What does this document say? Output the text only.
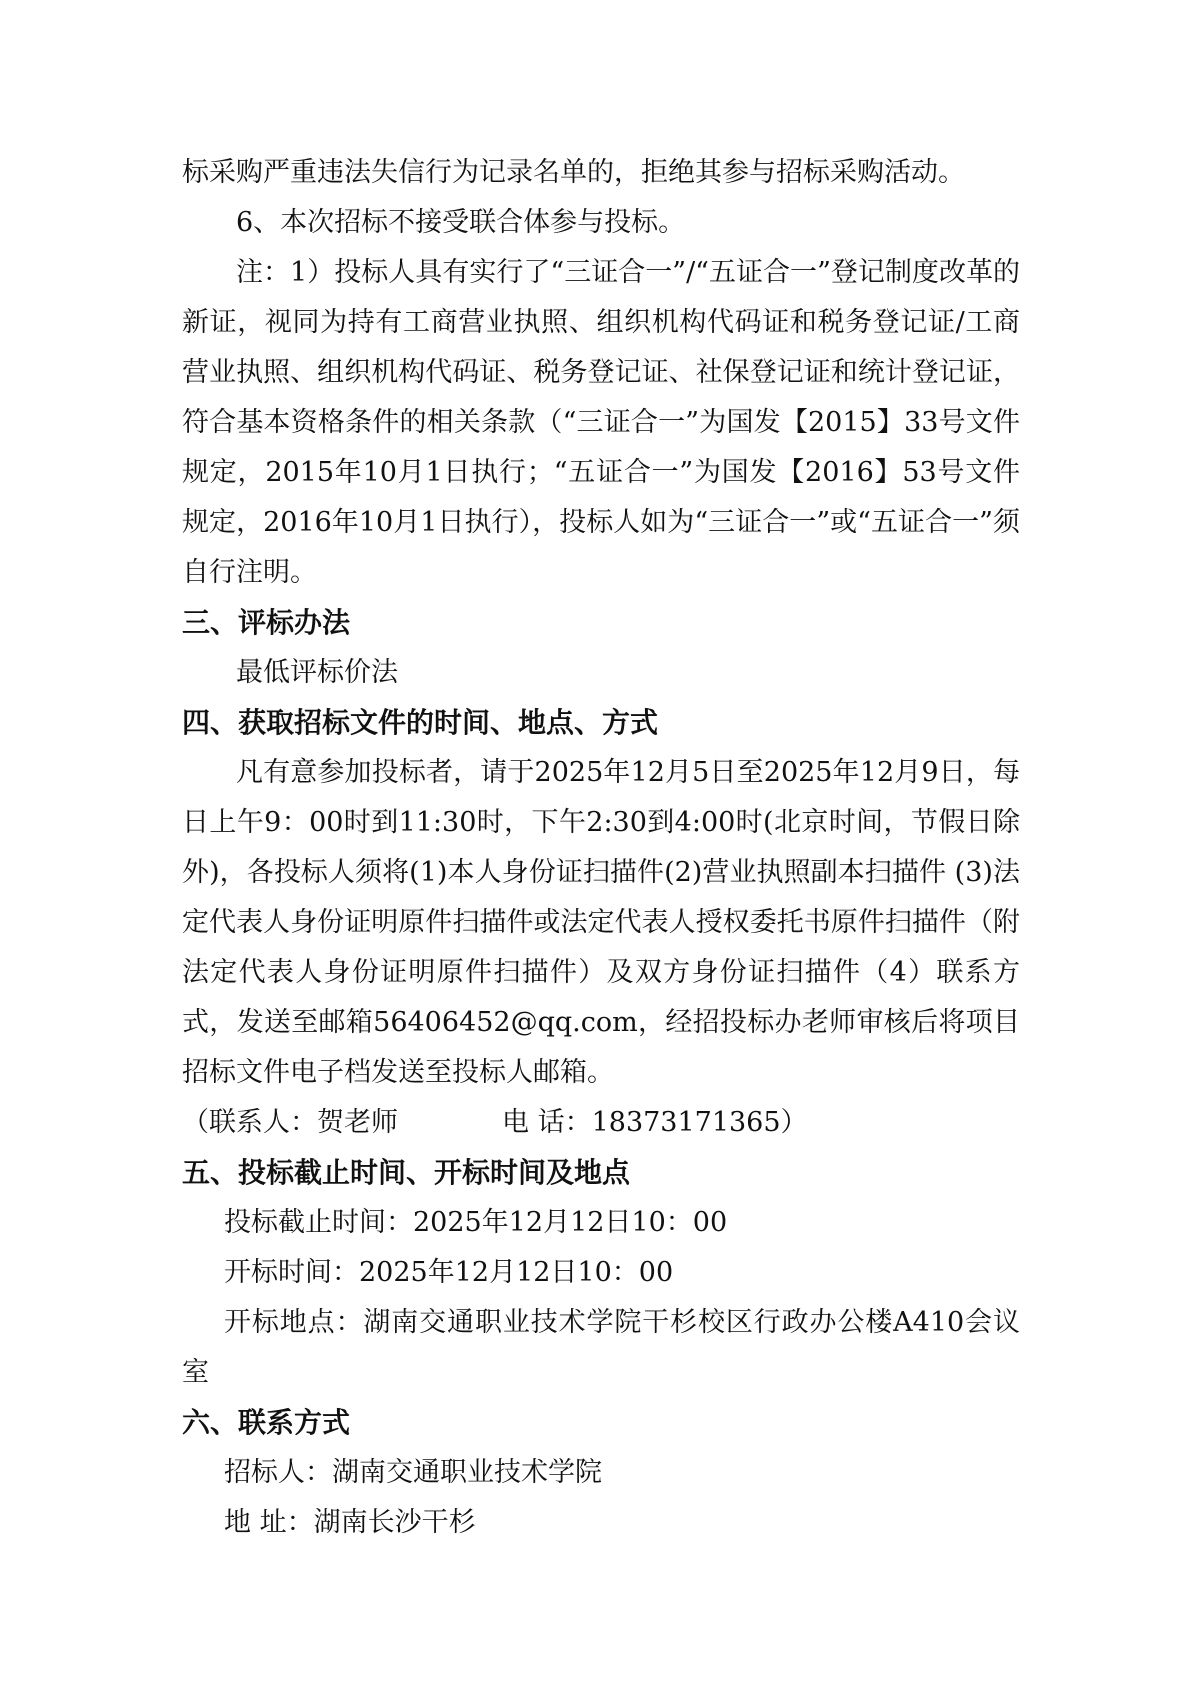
标采购严重违法失信行为记录名单的，拒绝其参与招标采购活动。

6、本次招标不接受联合体参与投标。

注：1）投标人具有实行了“三证合一”/“五证合一”登记制度改革的新证，视同为持有工商营业执照、组织机构代码证和税务登记证/工商营业执照、组织机构代码证、税务登记证、社保登记证和统计登记证，符合基本资格条件的相关条款（“三证合一”为国发【2015】33号文件规定，2015年10月1日执行；“五证合一”为国发【2016】53号文件规定，2016年10月1日执行），投标人如为“三证合一”或“五证合一”须自行注明。

三、评标办法

最低评标价法

四、获取招标文件的时间、地点、方式

凡有意参加投标者，请于2025年12月5日至2025年12月9日，每日上午9：00时到11:30时，下午2:30到4:00时(北京时间，节假日除外)，各投标人须将(1)本人身份证扫描件(2)营业执照副本扫描件 (3)法定代表人身份证明原件扫描件或法定代表人授权委托书原件扫描件（附法定代表人身份证明原件扫描件）及双方身份证扫描件（4）联系方式，发送至邮箱56406452@qq.com，经招投标办老师审核后将项目招标文件电子档发送至投标人邮箱。

（联系人：贺老师	电 话：18373171365）
五、投标截止时间、开标时间及地点

投标截止时间：2025年12月12日10：00

开标时间：2025年12月12日10：00

开标地点：湖南交通职业技术学院干杉校区行政办公楼A410会议室

六、联系方式

招标人：湖南交通职业技术学院

地 址：湖南长沙干杉
